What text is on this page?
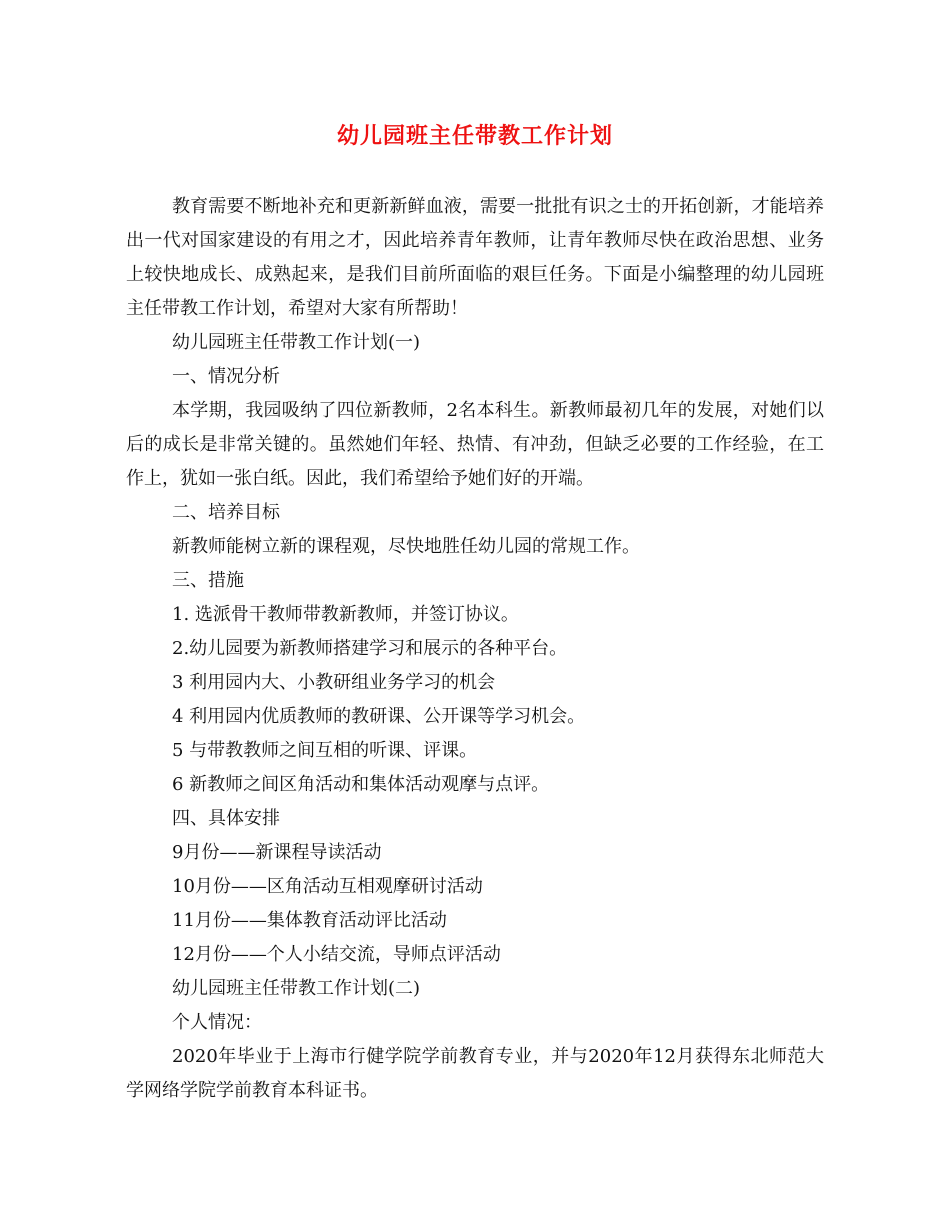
幼儿园班主任带教工作计划

教育需要不断地补充和更新新鲜血液，需要一批批有识之士的开拓创新，才能培养出一代对国家建设的有用之才，因此培养青年教师，让青年教师尽快在政治思想、业务上较快地成长、成熟起来，是我们目前所面临的艰巨任务。下面是小编整理的幼儿园班主任带教工作计划，希望对大家有所帮助！

幼儿园班主任带教工作计划(一)

一、情况分析

本学期，我园吸纳了四位新教师，2名本科生。新教师最初几年的发展，对她们以后的成长是非常关键的。虽然她们年轻、热情、有冲劲，但缺乏必要的工作经验，在工作上，犹如一张白纸。因此，我们希望给予她们好的开端。

二、培养目标

新教师能树立新的课程观，尽快地胜任幼儿园的常规工作。

三、措施

1. 选派骨干教师带教新教师，并签订协议。

2.幼儿园要为新教师搭建学习和展示的各种平台。

3 利用园内大、小教研组业务学习的机会

4 利用园内优质教师的教研课、公开课等学习机会。

5 与带教教师之间互相的听课、评课。

6 新教师之间区角活动和集体活动观摩与点评。

四、具体安排

9月份——新课程导读活动

10月份——区角活动互相观摩研讨活动

11月份——集体教育活动评比活动

12月份——个人小结交流，导师点评活动

幼儿园班主任带教工作计划(二)

个人情况：

2020年毕业于上海市行健学院学前教育专业，并与2020年12月获得东北师范大学网络学院学前教育本科证书。
